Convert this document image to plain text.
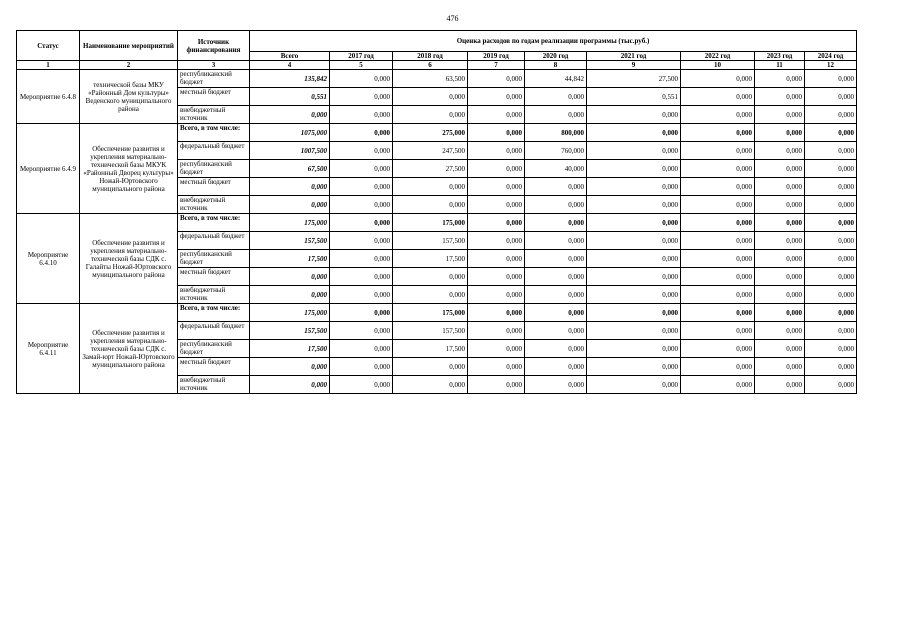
476
Статус	Наименование мероприятий	Источник финансирования	Оценка расходов по годам реализации программы (тыс.руб.)								
			Всего	2017 год	2018 год	2019 год	2020 год	2021 год	2022 год	2023 год	2024 год
1	2	3	4	5	6	7	8	9	10	11	12
Мероприятие 6.4.8	технической базы МКУ «Районный Дом культуры» Веденского муниципального района	республиканский бюджет	135,842	0,000	63,500	0,000	44,842	27,500	0,000	0,000	0,000
		местный бюджет	0,551	0,000	0,000	0,000	0,000	0,551	0,000	0,000	0,000
		внебюджетный источник	0,000	0,000	0,000	0,000	0,000	0,000	0,000	0,000	0,000
Мероприятие 6.4.9	Обеспечение развития и укрепления материально-технической базы МКУК «Районный Дворец культуры» Ножай-Юртовского муниципального района	Всего, в том числе:	1075,000	0,000	275,000	0,000	800,000	0,000	0,000	0,000	0,000
		федеральный бюджет	1007,500	0,000	247,500	0,000	760,000	0,000	0,000	0,000	0,000
		республиканский бюджет	67,500	0,000	27,500	0,000	40,000	0,000	0,000	0,000	0,000
		местный бюджет	0,000	0,000	0,000	0,000	0,000	0,000	0,000	0,000	0,000
		внебюджетный источник	0,000	0,000	0,000	0,000	0,000	0,000	0,000	0,000	0,000
Мероприятие 6.4.10	Обеспечение развития и укрепления материально-технической базы СДК с. Галайты Ножай-Юртовского муниципального района	Всего, в том числе:	175,000	0,000	175,000	0,000	0,000	0,000	0,000	0,000	0,000
		федеральный бюджет	157,500	0,000	157,500	0,000	0,000	0,000	0,000	0,000	0,000
		республиканский бюджет	17,500	0,000	17,500	0,000	0,000	0,000	0,000	0,000	0,000
		местный бюджет	0,000	0,000	0,000	0,000	0,000	0,000	0,000	0,000	0,000
		внебюджетный источник	0,000	0,000	0,000	0,000	0,000	0,000	0,000	0,000	0,000
Мероприятие 6.4.11	Обеспечение развития и укрепления материально-технической базы СДК с. Замай-юрт Ножай-Юртовского муниципального района	Всего, в том числе:	175,000	0,000	175,000	0,000	0,000	0,000	0,000	0,000	0,000
		федеральный бюджет	157,500	0,000	157,500	0,000	0,000	0,000	0,000	0,000	0,000
		республиканский бюджет	17,500	0,000	17,500	0,000	0,000	0,000	0,000	0,000	0,000
		местный бюджет	0,000	0,000	0,000	0,000	0,000	0,000	0,000	0,000	0,000
		внебюджетный источник	0,000	0,000	0,000	0,000	0,000	0,000	0,000	0,000	0,000
